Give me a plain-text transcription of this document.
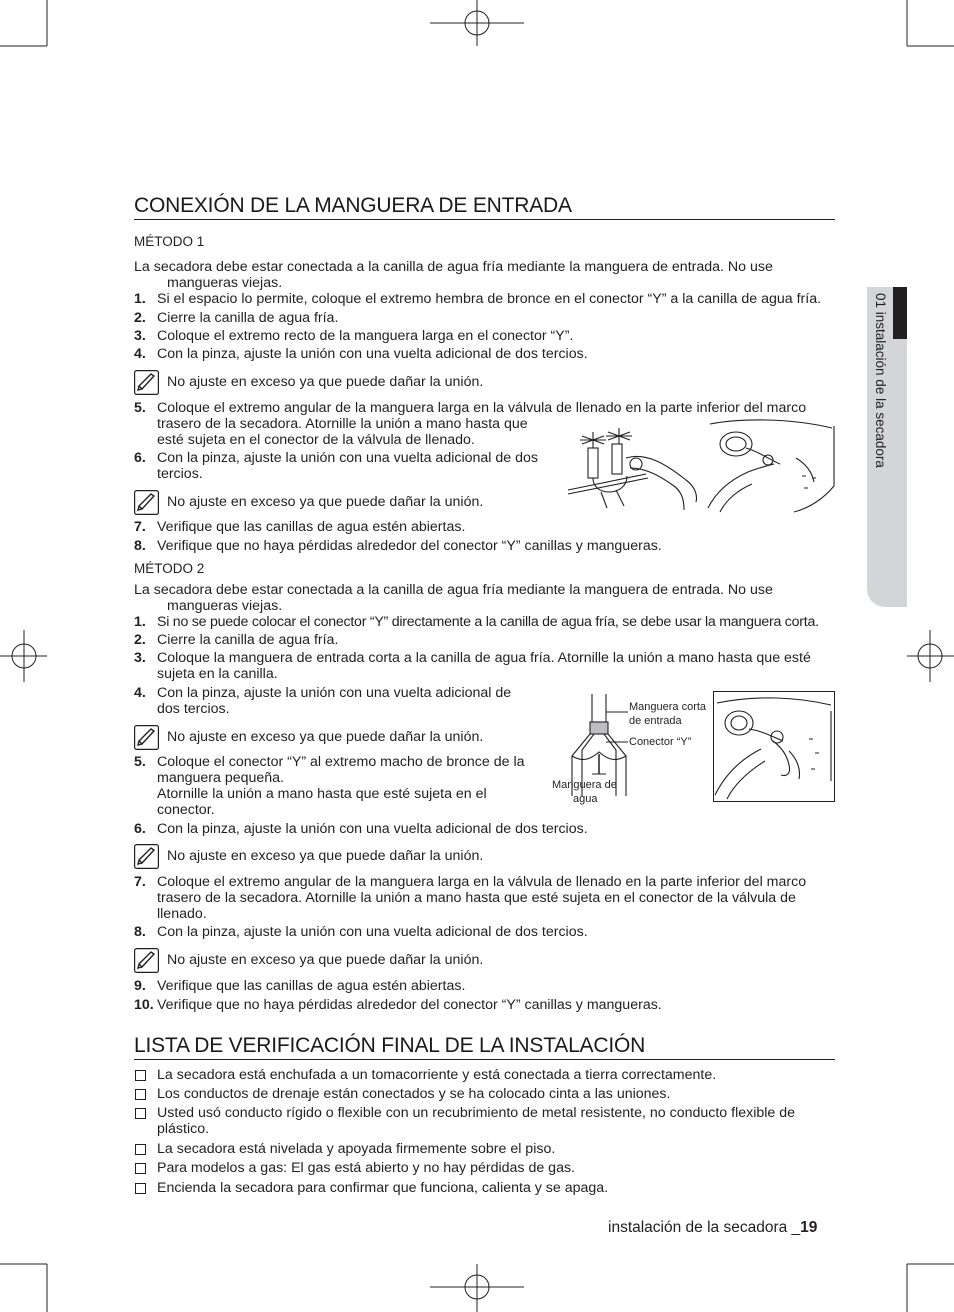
01 instalación de la secadora
CONEXIÓN DE LA MANGUERA DE ENTRADA
MÉTODO 1
La secadora debe estar conectada a la canilla de agua fría mediante la manguera de entrada. No use
mangueras viejas.
1. Si el espacio lo permite, coloque el extremo hembra de bronce en el conector “Y” a la canilla de agua fría.
2. Cierre la canilla de agua fría.
3. Coloque el extremo recto de la manguera larga en el conector “Y”.
4. Con la pinza, ajuste la unión con una vuelta adicional de dos tercios.
No ajuste en exceso ya que puede dañar la unión.
5. Coloque el extremo angular de la manguera larga en la válvula de llenado en la parte inferior del marco
trasero de la secadora. Atornille la unión a mano hasta que
esté sujeta en el conector de la válvula de llenado.
6. Con la pinza, ajuste la unión con una vuelta adicional de dos
tercios.
No ajuste en exceso ya que puede dañar la unión.
7. Verifique que las canillas de agua estén abiertas.
8. Verifique que no haya pérdidas alrededor del conector “Y” canillas y mangueras.
MÉTODO 2
La secadora debe estar conectada a la canilla de agua fría mediante la manguera de entrada. No use
mangueras viejas.
1. Si no se puede colocar el conector “Y” directamente a la canilla de agua fría, se debe usar la manguera corta.
2. Cierre la canilla de agua fría.
3. Coloque la manguera de entrada corta a la canilla de agua fría. Atornille la unión a mano hasta que esté
sujeta en la canilla.
4. Con la pinza, ajuste la unión con una vuelta adicional de
dos tercios.
No ajuste en exceso ya que puede dañar la unión.
5. Coloque el conector “Y” al extremo macho de bronce de la
manguera pequeña.
Atornille la unión a mano hasta que esté sujeta en el
conector.
6. Con la pinza, ajuste la unión con una vuelta adicional de dos tercios.
No ajuste en exceso ya que puede dañar la unión.
7. Coloque el extremo angular de la manguera larga en la válvula de llenado en la parte inferior del marco
trasero de la secadora. Atornille la unión a mano hasta que esté sujeta en el conector de la válvula de
llenado.
8. Con la pinza, ajuste la unión con una vuelta adicional de dos tercios.
No ajuste en exceso ya que puede dañar la unión.
9. Verifique que las canillas de agua estén abiertas.
10. Verifique que no haya pérdidas alrededor del conector “Y” canillas y mangueras.
Manguera corta
de entrada
Conector “Y”
Manguera de
agua
LISTA DE VERIFICACIÓN FINAL DE LA INSTALACIÓN
La secadora está enchufada a un tomacorriente y está conectada a tierra correctamente.
Los conductos de drenaje están conectados y se ha colocado cinta a las uniones.
Usted usó conducto rígido o flexible con un recubrimiento de metal resistente, no conducto flexible de
plástico.
La secadora está nivelada y apoyada firmemente sobre el piso.
Para modelos a gas: El gas está abierto y no hay pérdidas de gas.
Encienda la secadora para confirmar que funciona, calienta y se apaga.
instalación de la secadora _19
